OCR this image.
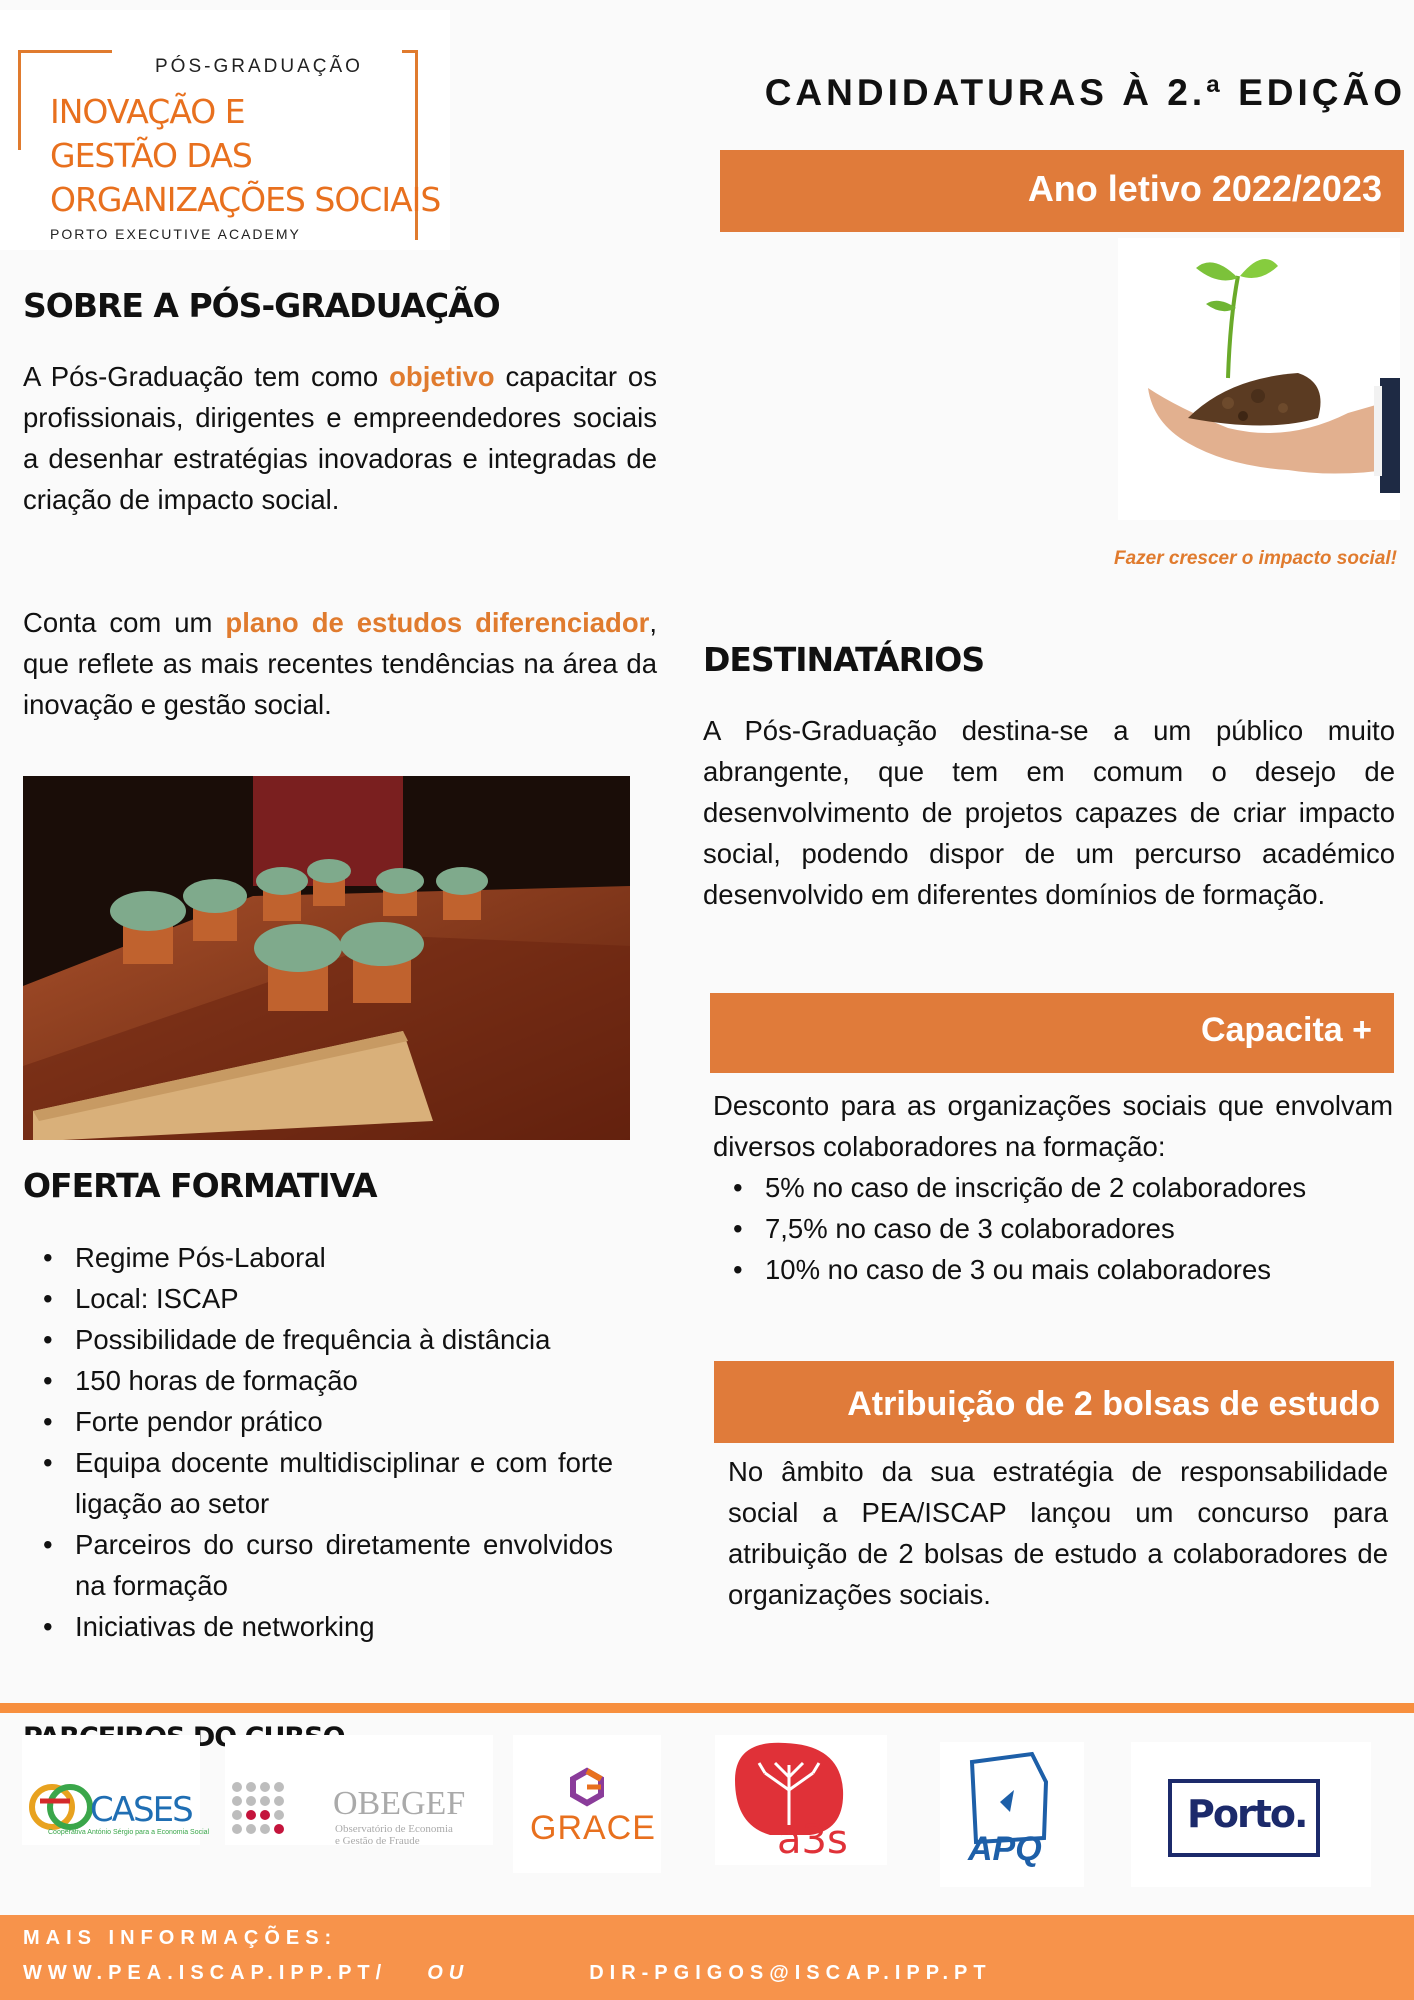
PÓS-GRADUAÇÃO
INOVAÇÃO E
GESTÃO DAS
ORGANIZAÇÕES SOCIAIS
PORTO EXECUTIVE ACADEMY
CANDIDATURAS À 2.ª EDIÇÃO
Ano letivo 2022/2023
Fazer crescer o impacto social!
SOBRE A PÓS-GRADUAÇÃO

A Pós-Graduação tem como objetivo capacitar os profissionais, dirigentes e empreendedores sociais a desenhar estratégias inovadoras e integradas de criação de impacto social.

Conta com um plano de estudos diferenciador, que reflete as mais recentes tendências na área da inovação e gestão social.

OFERTA FORMATIVA
• Regime Pós-Laboral
• Local: ISCAP
• Possibilidade de frequência à distância
• 150 horas de formação
• Forte pendor prático
• Equipa docente multidisciplinar e com forte ligação ao setor
• Parceiros do curso diretamente envolvidos na formação
• Iniciativas de networking
DESTINATÁRIOS

A Pós-Graduação destina-se a um público muito abrangente, que tem em comum o desejo de desenvolvimento de projetos capazes de criar impacto social, podendo dispor de um percurso académico desenvolvido em diferentes domínios de formação.

Capacita +

Desconto para as organizações sociais que envolvam diversos colaboradores na formação:

• 5% no caso de inscrição de 2 colaboradores
• 7,5% no caso de 3 colaboradores
• 10% no caso de 3 ou mais colaboradores
Atribuição de 2 bolsas de estudo

No âmbito da sua estratégia de responsabilidade social a PEA/ISCAP lançou um concurso para atribuição de 2 bolsas de estudo a colaboradores de organizações sociais.

DO
CASES
Cooperativa António Sérgio para a Economia Social
OBEGEF
Observatório de Economia
e Gestão de Fraude	GRACE	a3s	APQ
Porto.
MAIS INFORMAÇÕES:
WWW.PEA.ISCAP.IPP.PT/ OU	DIR-PGIGOS@ISCAP.IPP.PT
